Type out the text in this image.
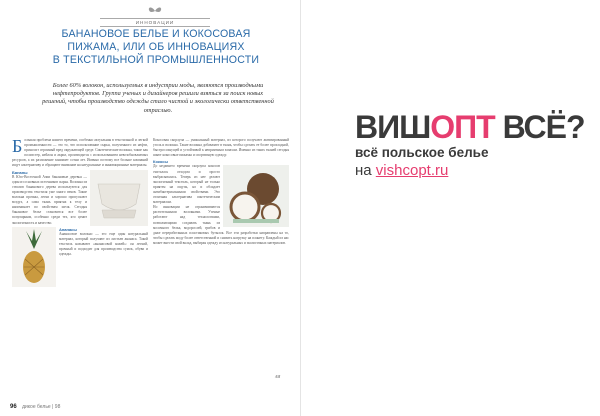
ИННОВАЦИИ
БАНАНОВОЕ БЕЛЬЕ И КОКОСОВАЯ
ПИЖАМА, ИЛИ ОБ ИННОВАЦИЯХ
В ТЕКСТИЛЬНОЙ ПРОМЫШЛЕННОСТИ
Более 60% волокон, используемых в индустрии моды, являются производными нефтепродуктов. Группа ученых и дизайнеров решили взяться за поиск новых решений, чтобы производство одежды стало чистой и экологически ответственной отраслью.
Б ольшая проблема нашего времени, особенно актуальная в текстильной и легкой промышленности — это то, что использование сырья, полученного из нефти, приносит огромный вред окружающей среде. Синтетические волокна, такие как полиэстер, нейлон и акрил, производятся с использованием невозобновляемых ресурсов, а их разложение занимает сотни лет. Именно поэтому все больше компаний ищут альтернативу и обращают внимание на натуральные и инновационные материалы.

Бананы

В Юго-Восточной Азии банановые деревья — один из основных источников сырья. Волокна из стволов бананового дерева используются для производства текстиля уже много веков. Такие волокна прочны, легки и хорошо пропускают воздух, а сама ткань приятна к телу и напоминает по свойствам шелк. Сегодня банановое белье становится все более популярным, особенно среди тех, кто ценит экологичность и качество.

Ананасы

Ананасовое волокно — это еще один натуральный материал, который получают из листьев ананаса. Такой текстиль называют «ананасовой кожей»: он легкий, прочный и подходит для производства сумок, обуви и одежды.

Кокосовая скорлупа — уникальный материал, из которого получают активированный уголь и волокна. Такие волокна добавляют в ткань, чтобы сделать ее более прохладной, быстросохнущей и устойчивой к неприятным запахам. Именно из таких тканей сегодня шьют кокосовые пижамы и спортивную одежду.

Кокосы

До недавнего времени скорлупа кокосов считалась отходом и просто выбрасывалась. Теперь из нее делают экологичный текстиль, который не только приятен на ощупь, но и обладает антибактериальными свойствами. Это отличная альтернатива синтетическим материалам.

Но инновации не ограничиваются растительными волокнами. Ученые работают над технологиями, позволяющими создавать ткань из молочного белка, водорослей, грибов и даже переработанных пластиковых бутылок. Все эти разработки направлены на то, чтобы сделать моду более ответственной и снизить нагрузку на планету. Каждый из нас может внести свой вклад, выбирая одежду из натуральных и экологичных материалов.

АМ
96 дикое белье | 98
ВИШОПТ ВСЁ?
всё польское белье
на vishcopt.ru
